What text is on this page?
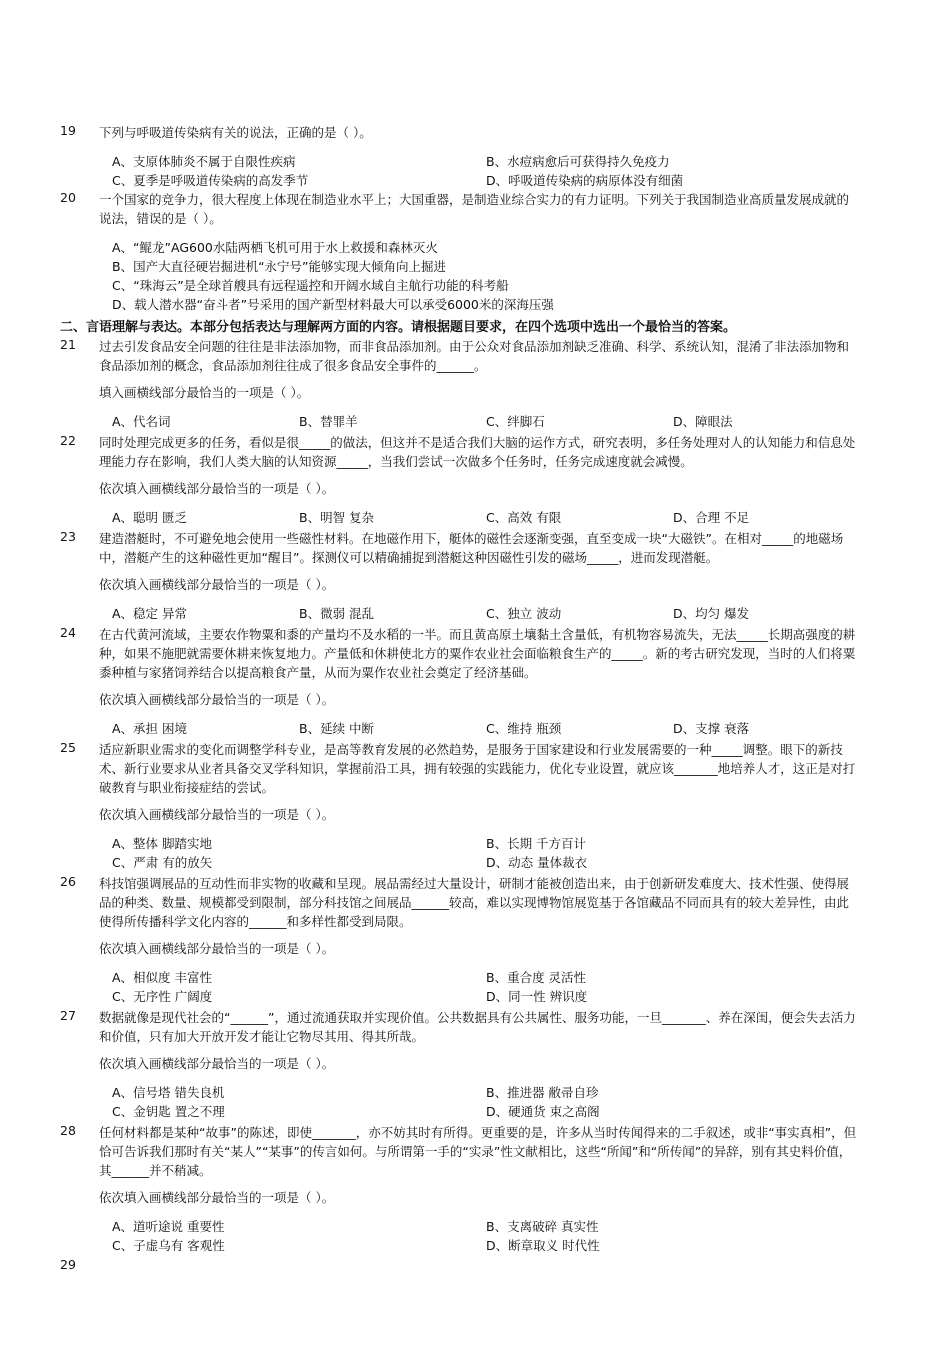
19	下列与呼吸道传染病有关的说法，正确的是（ ）。
A、支原体肺炎不属于自限性疾病	B、水痘病愈后可获得持久免疫力
C、夏季是呼吸道传染病的高发季节	D、呼吸道传染病的病原体没有细菌
20	一个国家的竞争力，很大程度上体现在制造业水平上；大国重器，是制造业综合实力的有力证明。下列关于我国制造业高质量发展成就的说法，错误的是（ ）。
A、“鲲龙”AG600水陆两栖飞机可用于水上救援和森林灭火
B、国产大直径硬岩掘进机“永宁号”能够实现大倾角向上掘进
C、“珠海云”是全球首艘具有远程遥控和开阔水域自主航行功能的科考船
D、载人潜水器“奋斗者”号采用的国产新型材料最大可以承受6000米的深海压强
二、言语理解与表达。本部分包括表达与理解两方面的内容。请根据题目要求，在四个选项中选出一个最恰当的答案。
21	过去引发食品安全问题的往往是非法添加物，而非食品添加剂。由于公众对食品添加剂缺乏准确、科学、系统认知，混淆了非法添加物和食品添加剂的概念，食品添加剂往往成了很多食品安全事件的______。
填入画横线部分最恰当的一项是（ ）。
A、代名词	B、替罪羊	C、绊脚石	D、障眼法
22	同时处理完成更多的任务，看似是很_____的做法，但这并不是适合我们大脑的运作方式，研究表明，多任务处理对人的认知能力和信息处理能力存在影响，我们人类大脑的认知资源_____，当我们尝试一次做多个任务时，任务完成速度就会减慢。
依次填入画横线部分最恰当的一项是（ ）。
A、聪明 匮乏	B、明智 复杂	C、高效 有限	D、合理 不足
23	建造潜艇时，不可避免地会使用一些磁性材料。在地磁作用下，艇体的磁性会逐渐变强，直至变成一块“大磁铁”。在相对_____的地磁场中，潜艇产生的这种磁性更加“醒目”。探测仪可以精确捕捉到潜艇这种因磁性引发的磁场_____，进而发现潜艇。
依次填入画横线部分最恰当的一项是（ ）。
A、稳定 异常	B、微弱 混乱	C、独立 波动	D、均匀 爆发
24	在古代黄河流域，主要农作物粟和黍的产量均不及水稻的一半。而且黄高原土壤黏土含量低，有机物容易流失，无法_____长期高强度的耕种，如果不施肥就需要休耕来恢复地力。产量低和休耕使北方的粟作农业社会面临粮食生产的_____。新的考古研究发现，当时的人们将粟黍种植与家猪饲养结合以提高粮食产量，从而为粟作农业社会奠定了经济基础。
依次填入画横线部分最恰当的一项是（ ）。
A、承担 困境	B、延续 中断	C、维持 瓶颈	D、支撑 衰落
25	适应新职业需求的变化而调整学科专业，是高等教育发展的必然趋势，是服务于国家建设和行业发展需要的一种_____调整。眼下的新技术、新行业要求从业者具备交叉学科知识，掌握前沿工具，拥有较强的实践能力，优化专业设置，就应该_______地培养人才，这正是对打破教育与职业衔接症结的尝试。
依次填入画横线部分最恰当的一项是（ ）。
A、整体 脚踏实地	B、长期 千方百计
C、严肃 有的放矢	D、动态 量体裁衣
26	科技馆强调展品的互动性而非实物的收藏和呈现。展品需经过大量设计，研制才能被创造出来，由于创新研发难度大、技术性强、使得展品的种类、数量、规模都受到限制，部分科技馆之间展品______较高，难以实现博物馆展览基于各馆藏品不同而具有的较大差异性，由此使得所传播科学文化内容的______和多样性都受到局限。
依次填入画横线部分最恰当的一项是（ ）。
A、相似度 丰富性	B、重合度 灵活性
C、无序性 广阔度	D、同一性 辨识度
27	数据就像是现代社会的“______”，通过流通获取并实现价值。公共数据具有公共属性、服务功能，一旦_______、养在深闺，便会失去活力和价值，只有加大开放开发才能让它物尽其用、得其所哉。
依次填入画横线部分最恰当的一项是（ ）。
A、信号塔 错失良机	B、推进器 敝帚自珍
C、金钥匙 置之不理	D、硬通货 束之高阁
28	任何材料都是某种“故事”的陈述，即使_______，亦不妨其时有所得。更重要的是，许多从当时传闻得来的二手叙述，或非“事实真相”，但恰可告诉我们那时有关“某人”“某事”的传言如何。与所谓第一手的“实录”性文献相比，这些“所闻”和“所传闻”的异辞，别有其史料价值，其______并不稍减。
依次填入画横线部分最恰当的一项是（ ）。
A、道听途说 重要性	B、支离破碎 真实性
C、子虚乌有 客观性	D、断章取义 时代性
29
